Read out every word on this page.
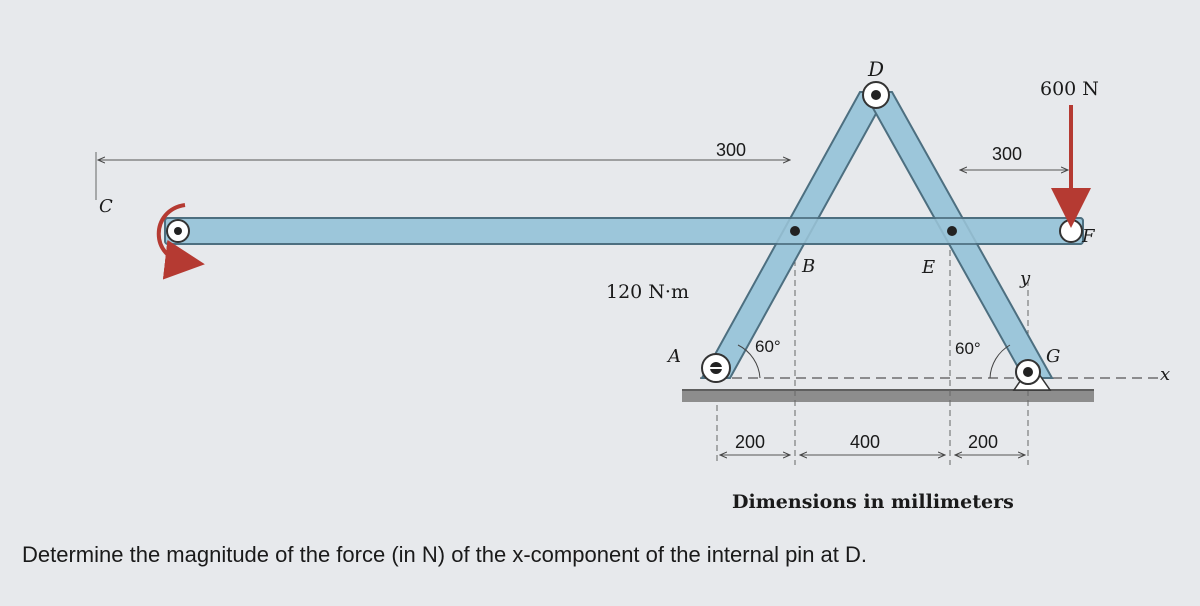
D
C
B	E
F
G
A
y
x
120 N·m
600 N
60°	60°
300	300
200	400	200
Dimensions in millimeters
Determine the magnitude of the force (in N) of the x-component of the internal pin at D.
